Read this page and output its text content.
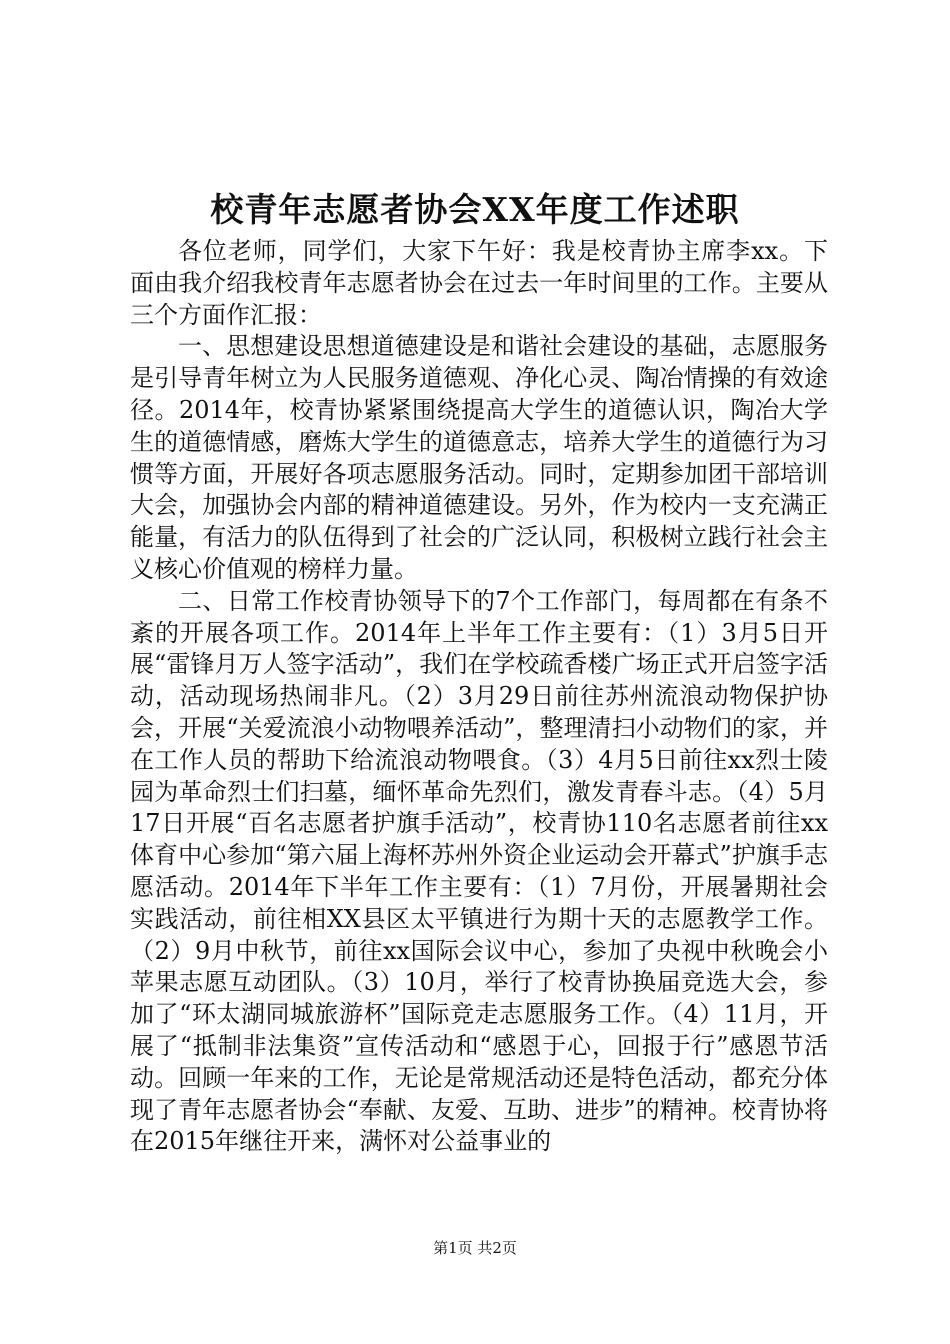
校青年志愿者协会XX年度工作述职

各位老师，同学们，大家下午好：我是校青协主席李xx。下面由我介绍我校青年志愿者协会在过去一年时间里的工作。主要从三个方面作汇报：

一、思想建设思想道德建设是和谐社会建设的基础，志愿服务是引导青年树立为人民服务道德观、净化心灵、陶冶情操的有效途径。2014年，校青协紧紧围绕提高大学生的道德认识，陶冶大学生的道德情感，磨炼大学生的道德意志，培养大学生的道德行为习惯等方面，开展好各项志愿服务活动。同时，定期参加团干部培训大会，加强协会内部的精神道德建设。另外，作为校内一支充满正能量，有活力的队伍得到了社会的广泛认同，积极树立践行社会主义核心价值观的榜样力量。

二、日常工作校青协领导下的7个工作部门，每周都在有条不紊的开展各项工作。2014年上半年工作主要有：（1）3月5日开展“雷锋月万人签字活动”，我们在学校疏香楼广场正式开启签字活动，活动现场热闹非凡。（2）3月29日前往苏州流浪动物保护协会，开展“关爱流浪小动物喂养活动”，整理清扫小动物们的家，并在工作人员的帮助下给流浪动物喂食。（3）4月5日前往xx烈士陵园为革命烈士们扫墓，缅怀革命先烈们，激发青春斗志。（4）5月17日开展“百名志愿者护旗手活动”，校青协110名志愿者前往xx体育中心参加“第六届上海杯苏州外资企业运动会开幕式”护旗手志愿活动。2014年下半年工作主要有：（1）7月份，开展暑期社会实践活动，前往相XX县区太平镇进行为期十天的志愿教学工作。（2）9月中秋节，前往xx国际会议中心，参加了央视中秋晚会小苹果志愿互动团队。（3）10月，举行了校青协换届竞选大会，参加了“环太湖同城旅游杯”国际竞走志愿服务工作。（4）11月，开展了“抵制非法集资”宣传活动和“感恩于心，回报于行”感恩节活动。回顾一年来的工作，无论是常规活动还是特色活动，都充分体现了青年志愿者协会“奉献、友爱、互助、进步”的精神。校青协将在2015年继往开来，满怀对公益事业的

第1页 共2页
